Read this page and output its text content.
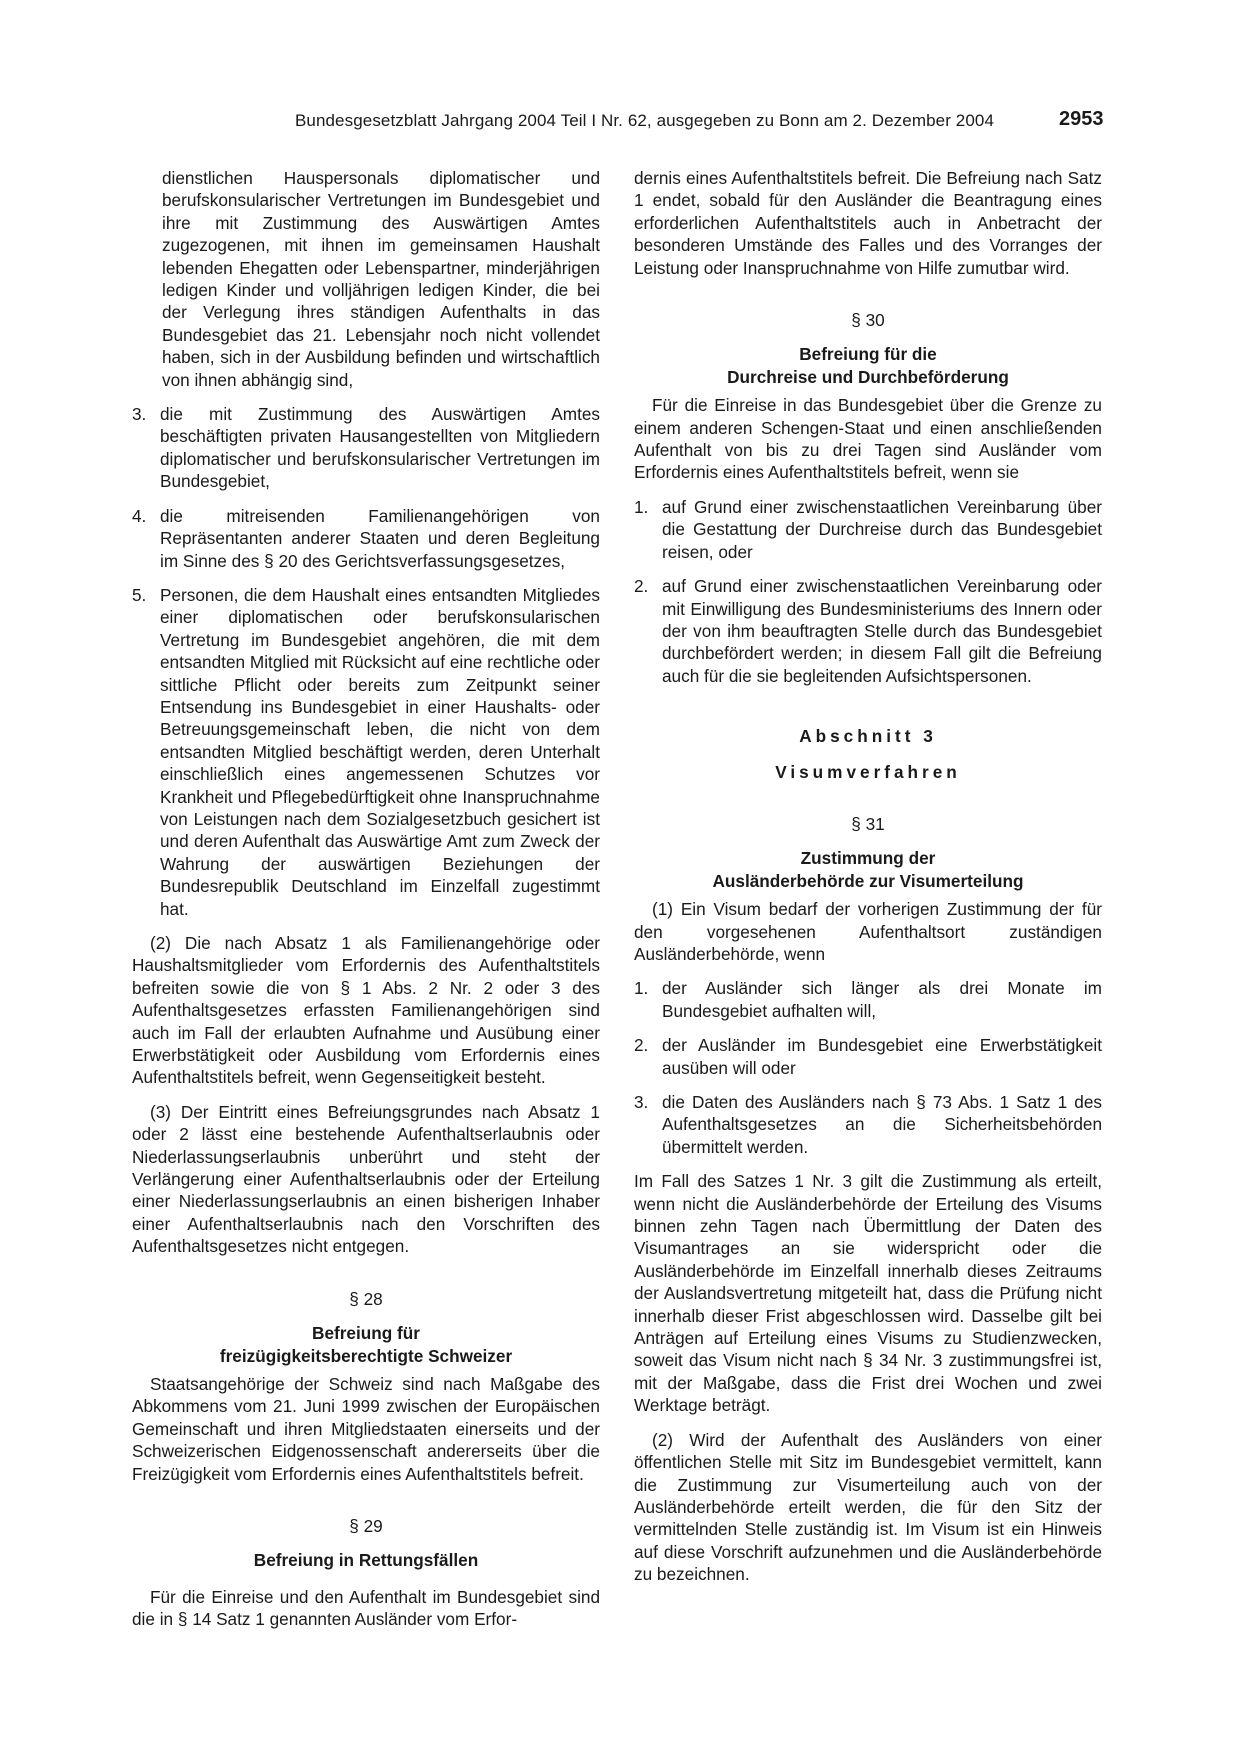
Bundesgesetzblatt Jahrgang 2004 Teil I Nr. 62, ausgegeben zu Bonn am 2. Dezember 2004	2953

dienstlichen Hauspersonals diplomatischer und berufskonsularischer Vertretungen im Bundesgebiet und ihre mit Zustimmung des Auswärtigen Amtes zugezogenen, mit ihnen im gemeinsamen Haushalt lebenden Ehegatten oder Lebenspartner, minderjährigen ledigen Kinder und volljährigen ledigen Kinder, die bei der Verlegung ihres ständigen Aufenthalts in das Bundesgebiet das 21. Lebensjahr noch nicht vollendet haben, sich in der Ausbildung befinden und wirtschaftlich von ihnen abhängig sind,

3. die mit Zustimmung des Auswärtigen Amtes beschäftigten privaten Hausangestellten von Mitgliedern diplomatischer und berufskonsularischer Vertretungen im Bundesgebiet,
4. die mitreisenden Familienangehörigen von Repräsentanten anderer Staaten und deren Begleitung im Sinne des § 20 des Gerichtsverfassungsgesetzes,
5. Personen, die dem Haushalt eines entsandten Mitgliedes einer diplomatischen oder berufskonsularischen Vertretung im Bundesgebiet angehören, die mit dem entsandten Mitglied mit Rücksicht auf eine rechtliche oder sittliche Pflicht oder bereits zum Zeitpunkt seiner Entsendung ins Bundesgebiet in einer Haushalts- oder Betreuungsgemeinschaft leben, die nicht von dem entsandten Mitglied beschäftigt werden, deren Unterhalt einschließlich eines angemessenen Schutzes vor Krankheit und Pflegebedürftigkeit ohne Inanspruchnahme von Leistungen nach dem Sozialgesetzbuch gesichert ist und deren Aufenthalt das Auswärtige Amt zum Zweck der Wahrung der auswärtigen Beziehungen der Bundesrepublik Deutschland im Einzelfall zugestimmt hat.

(2) Die nach Absatz 1 als Familienangehörige oder Haushaltsmitglieder vom Erfordernis des Aufenthaltstitels befreiten sowie die von § 1 Abs. 2 Nr. 2 oder 3 des Aufenthaltsgesetzes erfassten Familienangehörigen sind auch im Fall der erlaubten Aufnahme und Ausübung einer Erwerbstätigkeit oder Ausbildung vom Erfordernis eines Aufenthaltstitels befreit, wenn Gegenseitigkeit besteht.

(3) Der Eintritt eines Befreiungsgrundes nach Absatz 1 oder 2 lässt eine bestehende Aufenthaltserlaubnis oder Niederlassungserlaubnis unberührt und steht der Verlängerung einer Aufenthaltserlaubnis oder der Erteilung einer Niederlassungserlaubnis an einen bisherigen Inhaber einer Aufenthaltserlaubnis nach den Vorschriften des Aufenthaltsgesetzes nicht entgegen.

§ 28
Befreiung für
freizügigkeitsberechtigte Schweizer

Staatsangehörige der Schweiz sind nach Maßgabe des Abkommens vom 21. Juni 1999 zwischen der Europäischen Gemeinschaft und ihren Mitgliedstaaten einerseits und der Schweizerischen Eidgenossenschaft andererseits über die Freizügigkeit vom Erfordernis eines Aufenthaltstitels befreit.

§ 29
Befreiung in Rettungsfällen

Für die Einreise und den Aufenthalt im Bundesgebiet sind die in § 14 Satz 1 genannten Ausländer vom Erfor-

dernis eines Aufenthaltstitels befreit. Die Befreiung nach Satz 1 endet, sobald für den Ausländer die Beantragung eines erforderlichen Aufenthaltstitels auch in Anbetracht der besonderen Umstände des Falles und des Vorranges der Leistung oder Inanspruchnahme von Hilfe zumutbar wird.

§ 30
Befreiung für die
Durchreise und Durchbeförderung

Für die Einreise in das Bundesgebiet über die Grenze zu einem anderen Schengen-Staat und einen anschließenden Aufenthalt von bis zu drei Tagen sind Ausländer vom Erfordernis eines Aufenthaltstitels befreit, wenn sie

1. auf Grund einer zwischenstaatlichen Vereinbarung über die Gestattung der Durchreise durch das Bundesgebiet reisen, oder
2. auf Grund einer zwischenstaatlichen Vereinbarung oder mit Einwilligung des Bundesministeriums des Innern oder der von ihm beauftragten Stelle durch das Bundesgebiet durchbefördert werden; in diesem Fall gilt die Befreiung auch für die sie begleitenden Aufsichtspersonen.
Abschnitt 3
Visumverfahren
§ 31
Zustimmung der
Ausländerbehörde zur Visumerteilung

(1) Ein Visum bedarf der vorherigen Zustimmung der für den vorgesehenen Aufenthaltsort zuständigen Ausländerbehörde, wenn

1. der Ausländer sich länger als drei Monate im Bundesgebiet aufhalten will,
2. der Ausländer im Bundesgebiet eine Erwerbstätigkeit ausüben will oder
3. die Daten des Ausländers nach § 73 Abs. 1 Satz 1 des Aufenthaltsgesetzes an die Sicherheitsbehörden übermittelt werden.

Im Fall des Satzes 1 Nr. 3 gilt die Zustimmung als erteilt, wenn nicht die Ausländerbehörde der Erteilung des Visums binnen zehn Tagen nach Übermittlung der Daten des Visumantrages an sie widerspricht oder die Ausländerbehörde im Einzelfall innerhalb dieses Zeitraums der Auslandsvertretung mitgeteilt hat, dass die Prüfung nicht innerhalb dieser Frist abgeschlossen wird. Dasselbe gilt bei Anträgen auf Erteilung eines Visums zu Studienzwecken, soweit das Visum nicht nach § 34 Nr. 3 zustimmungsfrei ist, mit der Maßgabe, dass die Frist drei Wochen und zwei Werktage beträgt.

(2) Wird der Aufenthalt des Ausländers von einer öffentlichen Stelle mit Sitz im Bundesgebiet vermittelt, kann die Zustimmung zur Visumerteilung auch von der Ausländerbehörde erteilt werden, die für den Sitz der vermittelnden Stelle zuständig ist. Im Visum ist ein Hinweis auf diese Vorschrift aufzunehmen und die Ausländerbehörde zu bezeichnen.
